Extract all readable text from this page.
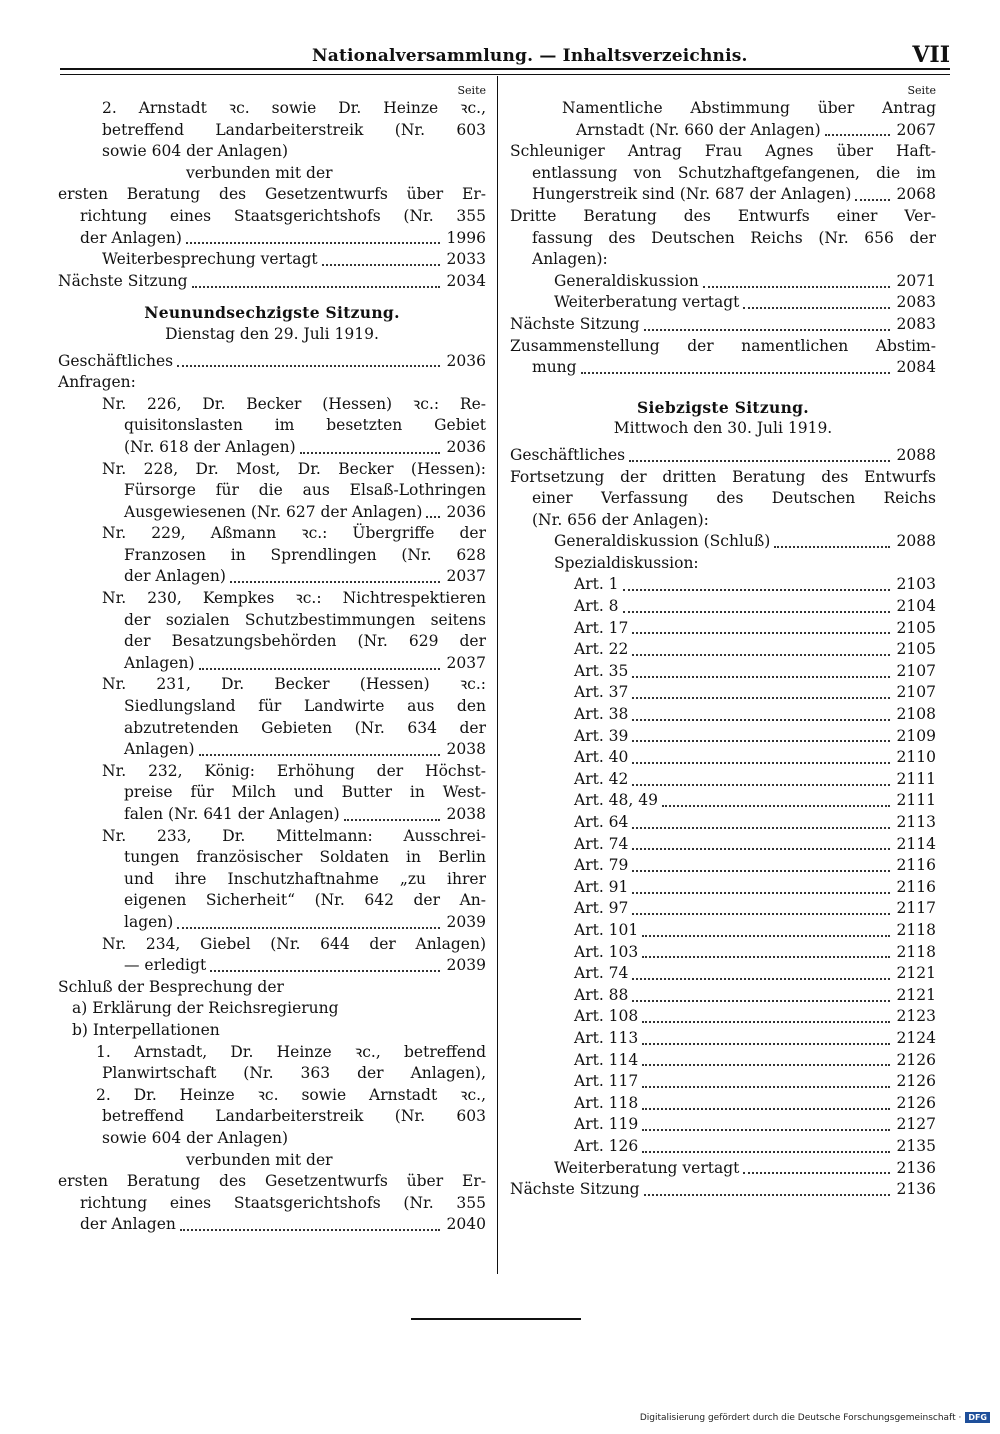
Nationalversammlung. — Inhaltsverzeichnis.	VII
Seite
2. Arnstadt ꝛc. sowie Dr. Heinze ꝛc.,
betreffend Landarbeiterstreik (Nr. 603
sowie 604 der Anlagen)
verbunden mit der
ersten Beratung des Gesetzentwurfs über Er-
richtung eines Staatsgerichtshofs (Nr. 355
der Anlagen)	1996
Weiterbesprechung vertagt	2033
Nächste Sitzung	2034
Neunundsechzigste Sitzung.
Dienstag den 29. Juli 1919.
Geschäftliches	2036
Anfragen:
Nr. 226, Dr. Becker (Hessen) ꝛc.: Re-
quisitonslasten im besetzten Gebiet
(Nr. 618 der Anlagen)	2036
Nr. 228, Dr. Most, Dr. Becker (Hessen):
Fürsorge für die aus Elsaß-Lothringen
Ausgewiesenen (Nr. 627 der Anlagen) 2036
Nr. 229, Aßmann ꝛc.: Übergriffe der
Franzosen in Sprendlingen (Nr. 628
der Anlagen)	2037
Nr. 230, Kempkes ꝛc.: Nichtrespektieren
der sozialen Schutzbestimmungen seitens
der Besatzungsbehörden (Nr. 629 der
Anlagen)	2037
Nr. 231, Dr. Becker (Hessen) ꝛc.:
Siedlungsland für Landwirte aus den
abzutretenden Gebieten (Nr. 634 der
Anlagen)	2038
Nr. 232, König: Erhöhung der Höchst-
preise für Milch und Butter in West-
falen (Nr. 641 der Anlagen)	2038
Nr. 233, Dr. Mittelmann: Ausschrei-
tungen französischer Soldaten in Berlin
und ihre Inschutzhaftnahme „zu ihrer
eigenen Sicherheit“ (Nr. 642 der An-
lagen)	2039
Nr. 234, Giebel (Nr. 644 der Anlagen)
— erledigt	2039
Schluß der Besprechung der
a) Erklärung der Reichsregierung
b) Interpellationen
1. Arnstadt, Dr. Heinze ꝛc., betreffend
Planwirtschaft (Nr. 363 der Anlagen),
2. Dr. Heinze ꝛc. sowie Arnstadt ꝛc.,
betreffend Landarbeiterstreik (Nr. 603
sowie 604 der Anlagen)
verbunden mit der
ersten Beratung des Gesetzentwurfs über Er-
richtung eines Staatsgerichtshofs (Nr. 355
der Anlagen	2040
Seite
Namentliche Abstimmung über Antrag
Arnstadt (Nr. 660 der Anlagen)	2067
Schleuniger Antrag Frau Agnes über Haft-
entlassung von Schutzhaftgefangenen, die im
Hungerstreik sind (Nr. 687 der Anlagen)	2068
Dritte Beratung des Entwurfs einer Ver-
fassung des Deutschen Reichs (Nr. 656 der
Anlagen):
Generaldiskussion	2071
Weiterberatung vertagt	2083
Nächste Sitzung	2083
Zusammenstellung der namentlichen Abstim-
mung	2084
Siebzigste Sitzung.
Mittwoch den 30. Juli 1919.
Geschäftliches	2088
Fortsetzung der dritten Beratung des Entwurfs
einer Verfassung des Deutschen Reichs
(Nr. 656 der Anlagen):
Generaldiskussion (Schluß)	2088
Spezialdiskussion:
Art. 1	2103
Art. 8	2104
Art. 17	2105
Art. 22	2105
Art. 35	2107
Art. 37	2107
Art. 38	2108
Art. 39	2109
Art. 40	2110
Art. 42	2111
Art. 48, 49	2111
Art. 64	2113
Art. 74	2114
Art. 79	2116
Art. 91	2116
Art. 97	2117
Art. 101	2118
Art. 103	2118
Art. 74	2121
Art. 88	2121
Art. 108	2123
Art. 113	2124
Art. 114	2126
Art. 117	2126
Art. 118	2126
Art. 119	2127
Art. 126	2135
Weiterberatung vertagt	2136
Nächste Sitzung	2136
Digitalisierung gefördert durch die Deutsche Forschungsgemeinschaft · DFG
